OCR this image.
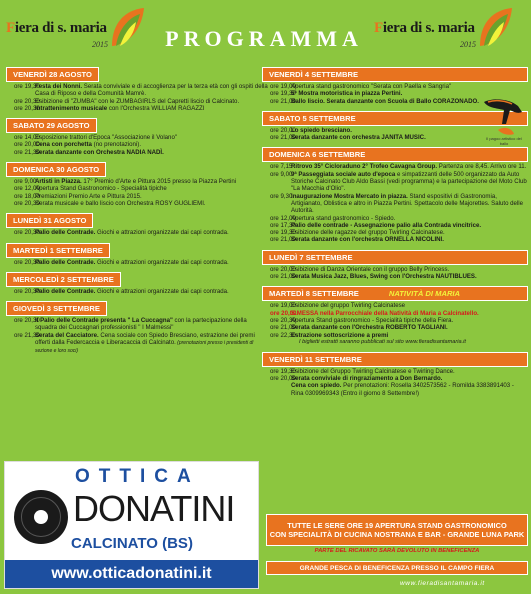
Fiera di s. maria
2015	PROGRAMMA Fiera di s. maria
2015
VENERDÌ 28 AGOSTO
ore 19,30
Festa dei Nonni. Serata conviviale e di accoglienza per la terza età con gli ospiti della Casa di Riposo e della Comunità Mamrè.
ore 20,30
Esibizione di "ZUMBA" con le ZUMBAGIRLS del Capretti liscio di Calcinato.
ore 20,30
Intrattenimento musicale con l'Orchestra WILLIAM RAGAZZI
SABATO 29 AGOSTO
ore 14,00
Esposizione trattori d'Epoca "Associazione il Volano"
ore 20,00
Cena con porchetta (no prenotazioni).
ore 21,30
Serata danzante con Orchestra NADIA NADÌ.
DOMENICA 30 AGOSTO
ore 9,00
Artisti in Piazza. 17° Premio d'Arte e Pittura 2015 presso la Piazza Pertini
ore 12,00
Apertura Stand Gastronomico - Specialità tipiche
ore 18,00
Premiazioni Premio Arte e Pittura 2015.
ore 20,30
Serata musicale e ballo liscio con Orchestra ROSY GUGLIEMI.
LUNEDÌ 31 AGOSTO
ore 20,30
Palio delle Contrade. Giochi e attrazioni organizzate dai capi contrada.
MARTEDÌ 1 SETTEMBRE
ore 20,30
Palio delle Contrade. Giochi e attrazioni organizzate dai capi contrada.
MERCOLEDÌ 2 SETTEMBRE
ore 20,30
Palio delle Contrade. Giochi e attrazioni organizzate dai capi contrada.
GIOVEDÌ 3 SETTEMBRE
ore 20,30
Il Palio delle Contrade presenta " La Cuccagna" con la partecipazione della squadra dei Cuccagnari professionisti " I Malmessi"
ore 21,30
Serata del Cacciatore. Cena sociale con Spiedo Bresciano, estrazione dei premi offerti dalla Federcaccia e Liberacaccia di Calcinato. (prenotazioni presso i presidenti di sezione e loro soci)
VENERDÌ 4 SETTEMBRE
ore 19,00
Apertura stand gastronomico "Serata con Paella e Sangria"
ore 19,30
5ª Mostra motoristica in piazza Pertini.
ore 21,00
Ballo liscio. Serata danzante con Scuola di Ballo CORAZONADO.
SABATO 5 SETTEMBRE
ore 20,00
Lo spiedo bresciano.
ore 21,00
Serata danzante con orchestra JANITA MUSIC.
DOMENICA 6 SETTEMBRE
ore 7,15
Ritrovo 35° Cicloraduno 2° Trofeo Cavagna Group. Partenza ore 8,45. Arrivo ore 11.
ore 9,00
9ª Passeggiata sociale auto d'epoca e simpatizzanti delle 500 organizzato da Auto Storiche Calcinato Club Aldo Bassi (vedi programma) e la partecipazione del Moto Club "La Macchia d'Olio".
ore 9,30
Inaugurazione Mostra Mercato in piazza. Stand espositivi di Gastronomia, Artigianato, Oblistica e altro in Piazza Pertini. Spettacolo delle Majorettes. Saluto delle Autorità.
ore 12,00
Apertura stand gastronomico - Spiedo.
ore 17,30
Palio delle contrade - Assegnazione palio alla Contrada vincitrice.
ore 19,30
Esibizione delle ragazze del gruppo Twirling Calcinatese.
ore 21,00
Serata danzante con l'orchestra ORNELLA NICOLINI.
LUNEDÌ 7 SETTEMBRE
ore 20,00
Esibizione di Danza Orientale con il gruppo Belly Princess.
ore 21,00
Serata Musica Jazz, Blues, Swing con l'Orchestra NAUTIBLUES.
MARTEDÌ 8 SETTEMBRE	NATIVITÀ DI MARIA
ore 19,00
Esibizione del gruppo Twirling Calcinatese
ore 20,00
S.MESSA nella Parrocchiale della Natività di Maria a Calcinatello.
ore 20,30
Apertura Stand gastronomico - Specialità tipiche della Fiera.
ore 21,00
Serata danzante con l'Orchestra ROBERTO TAGLIANI.
ore 22,30
Estrazione sottoscrizione a premi
I biglietti estratti saranno pubblicati sul sito www.fieradisantamaria.it
VENERDÌ 11 SETTEMBRE
ore 19,30
Esibizione del Gruppo Twirling Calcinatese e Twirling Dance.
ore 20,00
Serata conviviale di ringraziamento a Don Bernardo.
Cena con spiedo. Per prenotazioni: Rosella 3402573562 - Romilda 3383891403 - Rina 0309969343 (Entro il giorno 8 Settembre!)
Il pagoo artistico del ballo
OTTICA
DONATINI
CALCINATO (BS)
www.otticadonatini.it
TUTTE LE SERE ORE 19 APERTURA STAND GASTRONOMICO
CON SPECIALITÀ DI CUCINA NOSTRANA E BAR - GRANDE LUNA PARK
PARTE DEL RICAVATO SARÀ DEVOLUTO IN BENEFICENZA
GRANDE PESCA DI BENEFICENZA PRESSO IL CAMPO FIERA
www.fieradisantamaria.it
